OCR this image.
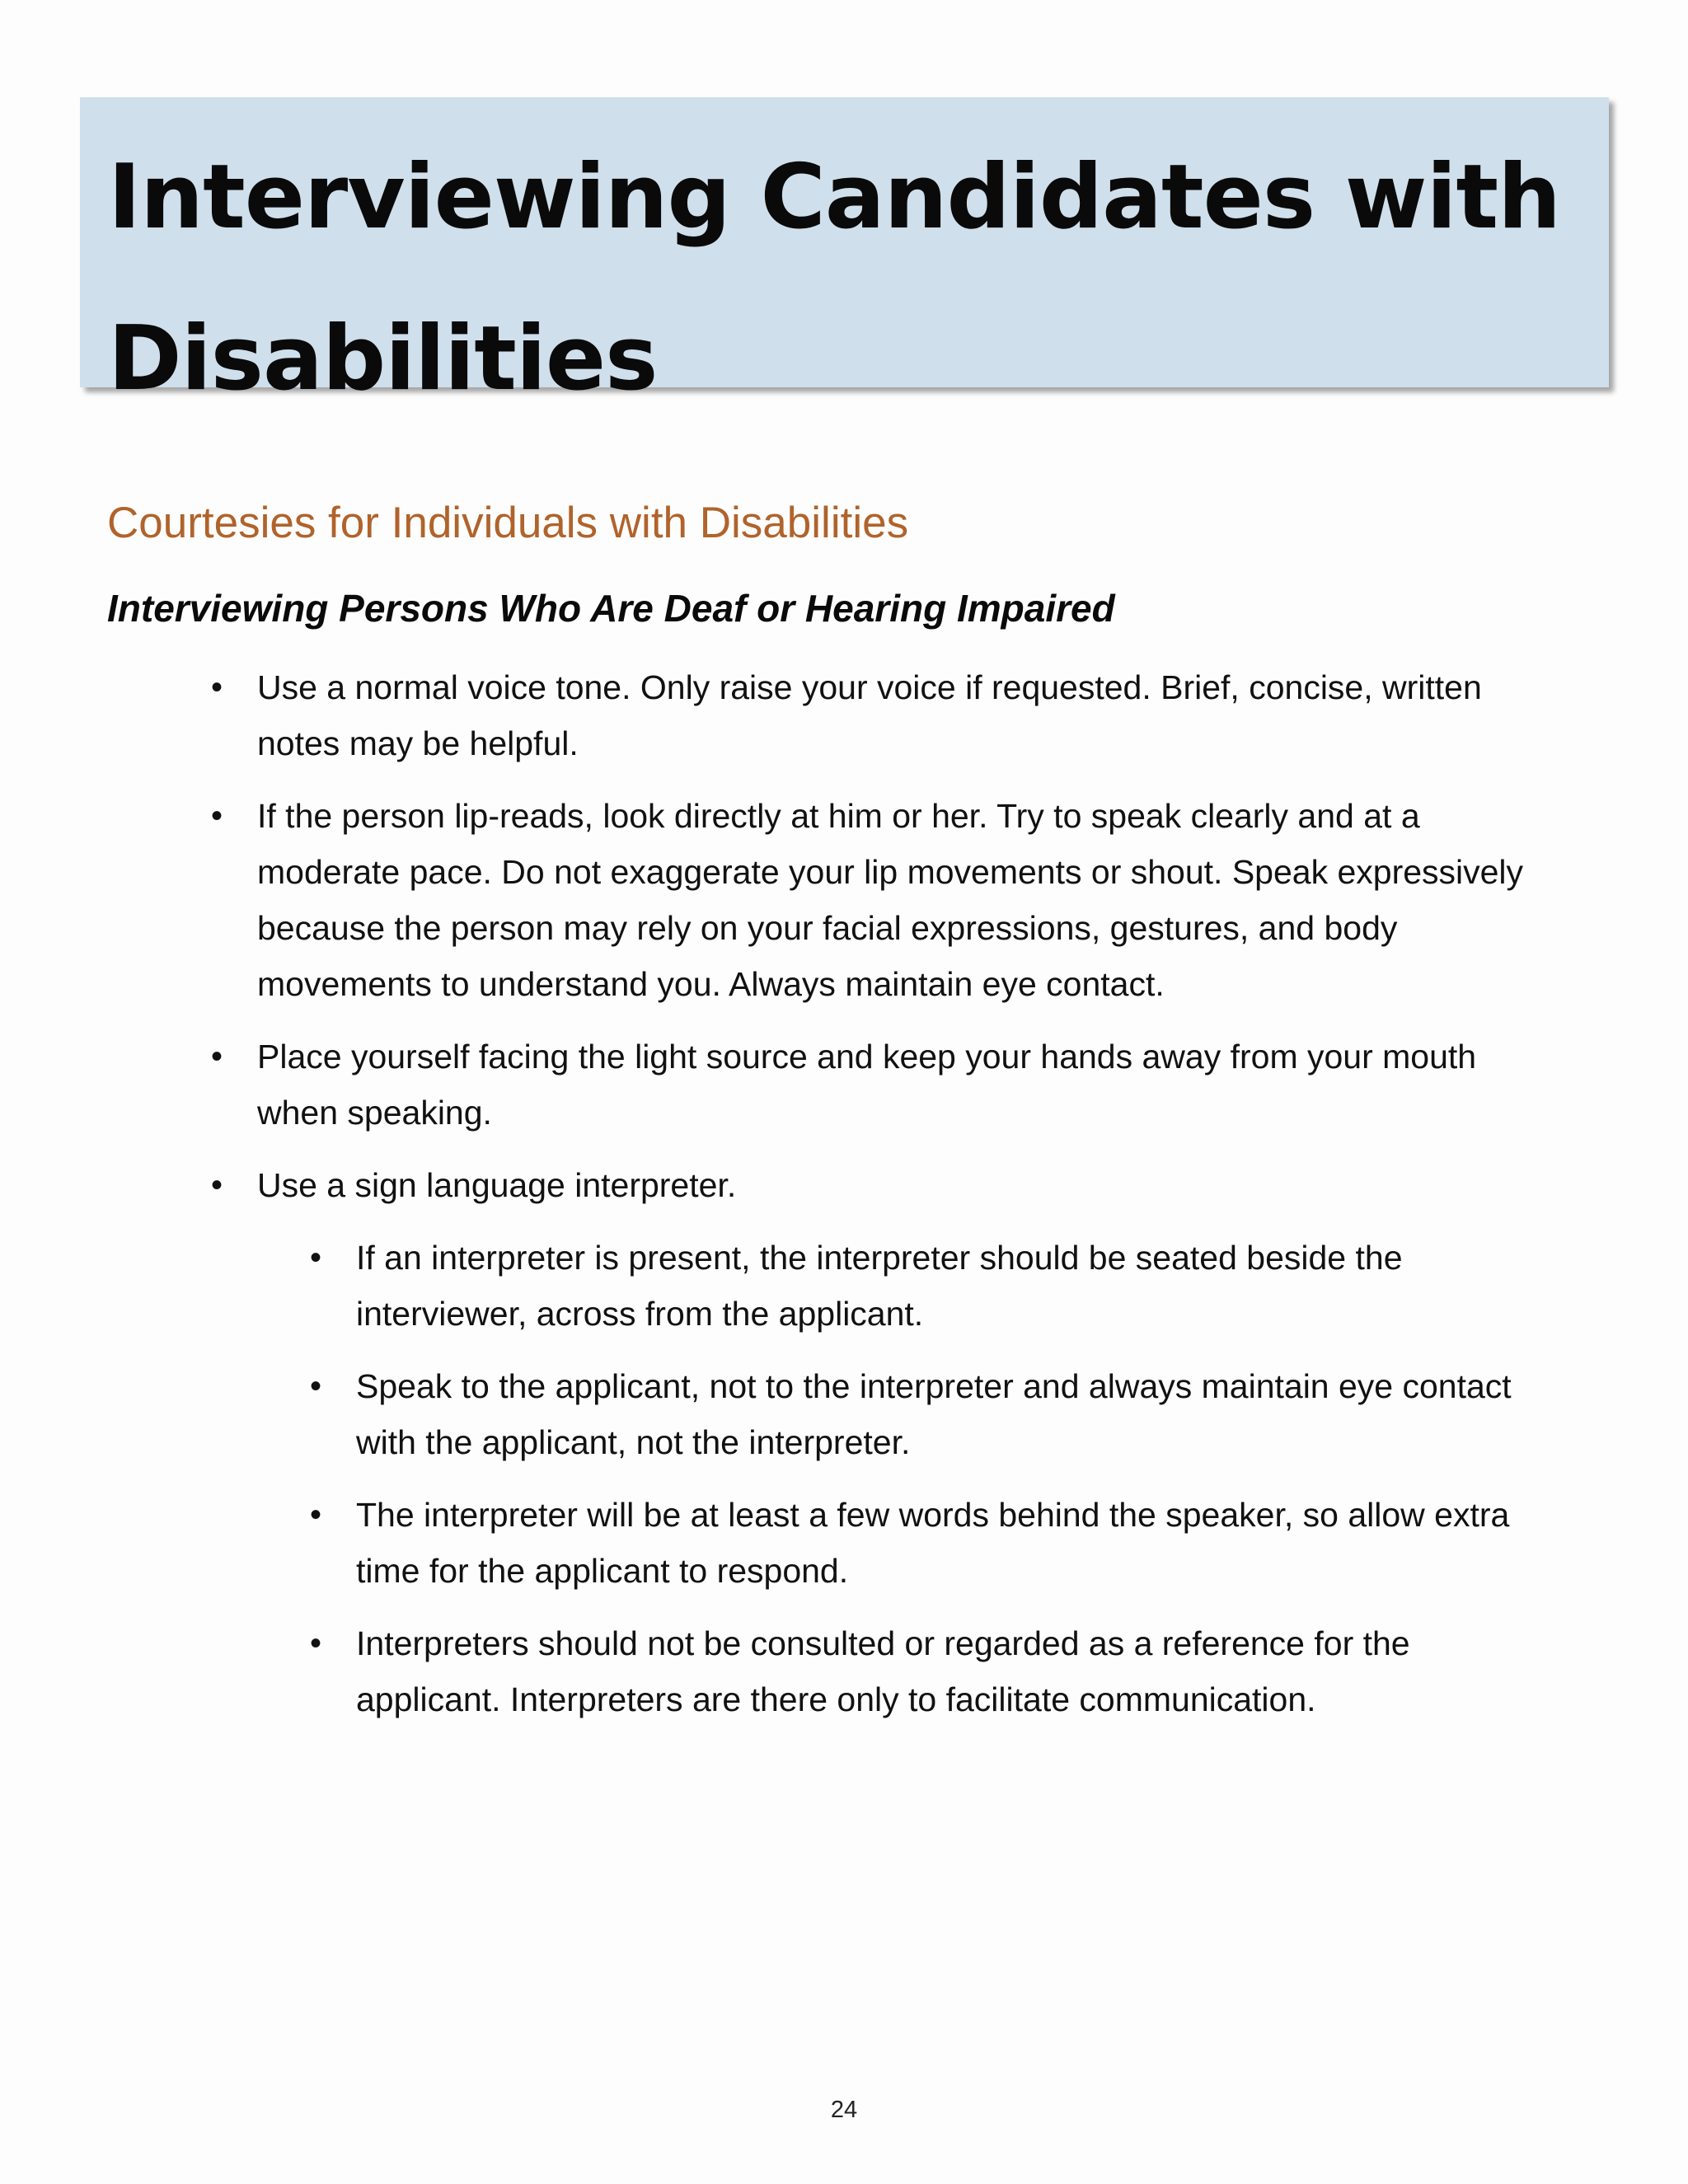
Interviewing Candidates with
Disabilities
Courtesies for Individuals with Disabilities
Interviewing Persons Who Are Deaf or Hearing Impaired
• Use a normal voice tone. Only raise your voice if requested. Brief, concise, written
notes may be helpful.
• If the person lip-reads, look directly at him or her. Try to speak clearly and at a
moderate pace. Do not exaggerate your lip movements or shout. Speak expressively
because the person may rely on your facial expressions, gestures, and body
movements to understand you. Always maintain eye contact.
• Place yourself facing the light source and keep your hands away from your mouth
when speaking.
• Use a sign language interpreter.
• If an interpreter is present, the interpreter should be seated beside the
interviewer, across from the applicant.
• Speak to the applicant, not to the interpreter and always maintain eye contact
with the applicant, not the interpreter.
• The interpreter will be at least a few words behind the speaker, so allow extra
time for the applicant to respond.
• Interpreters should not be consulted or regarded as a reference for the
applicant. Interpreters are there only to facilitate communication.
24
